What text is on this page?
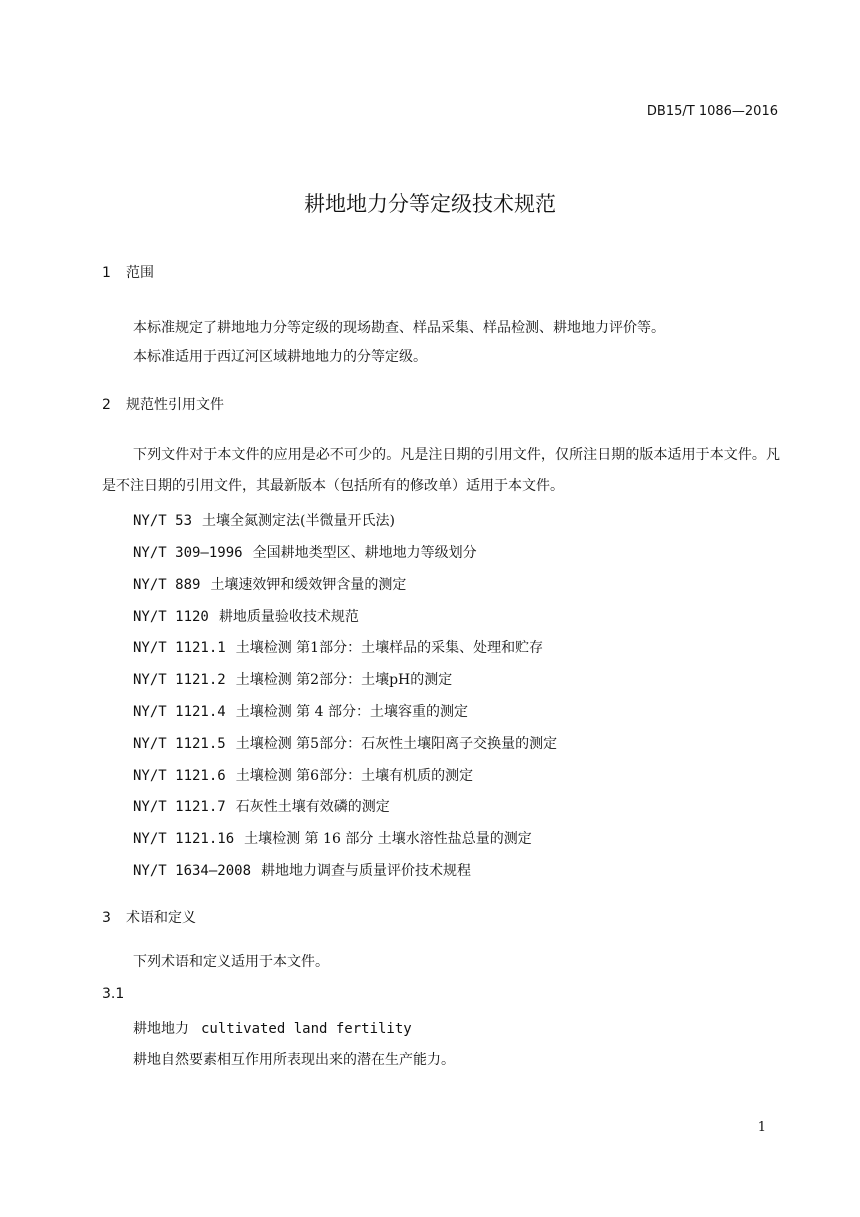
DB15/T 1086—2016
耕地地力分等定级技术规范
1 范围
本标准规定了耕地地力分等定级的现场勘查、样品采集、样品检测、耕地地力评价等。
本标准适用于西辽河区域耕地地力的分等定级。
2 规范性引用文件
下列文件对于本文件的应用是必不可少的。凡是注日期的引用文件，仅所注日期的版本适用于本文件。凡是不注日期的引用文件，其最新版本（包括所有的修改单）适用于本文件。
NY/T 53 土壤全氮测定法(半微量开氏法)
NY/T 309—1996 全国耕地类型区、耕地地力等级划分
NY/T 889 土壤速效钾和缓效钾含量的测定
NY/T 1120 耕地质量验收技术规范
NY/T 1121.1 土壤检测 第1部分：土壤样品的采集、处理和贮存
NY/T 1121.2 土壤检测 第2部分：土壤pH的测定
NY/T 1121.4 土壤检测 第 4 部分：土壤容重的测定
NY/T 1121.5 土壤检测 第5部分：石灰性土壤阳离子交换量的测定
NY/T 1121.6 土壤检测 第6部分：土壤有机质的测定
NY/T 1121.7 石灰性土壤有效磷的测定
NY/T 1121.16 土壤检测 第 16 部分 土壤水溶性盐总量的测定
NY/T 1634—2008 耕地地力调查与质量评价技术规程
3 术语和定义
下列术语和定义适用于本文件。
3.1
耕地地力 cultivated land fertility
耕地自然要素相互作用所表现出来的潜在生产能力。
1
